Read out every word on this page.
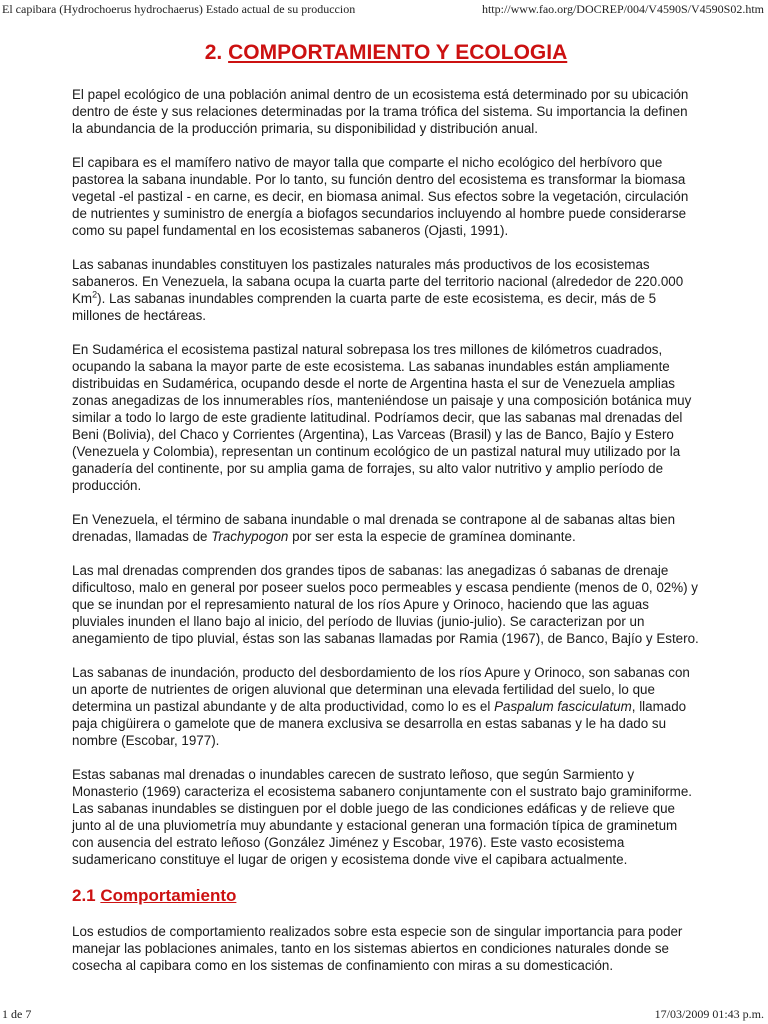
El capibara (Hydrochoerus hydrochaerus) Estado actual de su produccion	http://www.fao.org/DOCREP/004/V4590S/V4590S02.htm
2. COMPORTAMIENTO Y ECOLOGIA

El papel ecológico de una población animal dentro de un ecosistema está determinado por su ubicación dentro de éste y sus relaciones determinadas por la trama trófica del sistema. Su importancia la definen la abundancia de la producción primaria, su disponibilidad y distribución anual.

El capibara es el mamífero nativo de mayor talla que comparte el nicho ecológico del herbívoro que pastorea la sabana inundable. Por lo tanto, su función dentro del ecosistema es transformar la biomasa vegetal -el pastizal - en carne, es decir, en biomasa animal. Sus efectos sobre la vegetación, circulación de nutrientes y suministro de energía a biofagos secundarios incluyendo al hombre puede considerarse como su papel fundamental en los ecosistemas sabaneros (Ojasti, 1991).

Las sabanas inundables constituyen los pastizales naturales más productivos de los ecosistemas sabaneros. En Venezuela, la sabana ocupa la cuarta parte del territorio nacional (alrededor de 220.000 Km$^2$). Las sabanas inundables comprenden la cuarta parte de este ecosistema, es decir, más de 5 millones de hectáreas.

En Sudamérica el ecosistema pastizal natural sobrepasa los tres millones de kilómetros cuadrados, ocupando la sabana la mayor parte de este ecosistema. Las sabanas inundables están ampliamente distribuidas en Sudamérica, ocupando desde el norte de Argentina hasta el sur de Venezuela amplias zonas anegadizas de los innumerables ríos, manteniéndose un paisaje y una composición botánica muy similar a todo lo largo de este gradiente latitudinal. Podríamos decir, que las sabanas mal drenadas del Beni (Bolivia), del Chaco y Corrientes (Argentina), Las Varceas (Brasil) y las de Banco, Bajío y Estero (Venezuela y Colombia), representan un continum ecológico de un pastizal natural muy utilizado por la ganadería del continente, por su amplia gama de forrajes, su alto valor nutritivo y amplio período de producción.

En Venezuela, el término de sabana inundable o mal drenada se contrapone al de sabanas altas bien drenadas, llamadas de Trachypogon por ser esta la especie de gramínea dominante.

Las mal drenadas comprenden dos grandes tipos de sabanas: las anegadizas ó sabanas de drenaje dificultoso, malo en general por poseer suelos poco permeables y escasa pendiente (menos de 0, 02%) y que se inundan por el represamiento natural de los ríos Apure y Orinoco, haciendo que las aguas pluviales inunden el llano bajo al inicio, del período de lluvias (junio-julio). Se caracterizan por un anegamiento de tipo pluvial, éstas son las sabanas llamadas por Ramia (1967), de Banco, Bajío y Estero.

Las sabanas de inundación, producto del desbordamiento de los ríos Apure y Orinoco, son sabanas con un aporte de nutrientes de origen aluvional que determinan una elevada fertilidad del suelo, lo que determina un pastizal abundante y de alta productividad, como lo es el Paspalum fasciculatum, llamado paja chigüirera o gamelote que de manera exclusiva se desarrolla en estas sabanas y le ha dado su nombre (Escobar, 1977).

Estas sabanas mal drenadas o inundables carecen de sustrato leñoso, que según Sarmiento y Monasterio (1969) caracteriza el ecosistema sabanero conjuntamente con el sustrato bajo graminiforme. Las sabanas inundables se distinguen por el doble juego de las condiciones edáficas y de relieve que junto al de una pluviometría muy abundante y estacional generan una formación típica de graminetum con ausencia del estrato leñoso (González Jiménez y Escobar, 1976). Este vasto ecosistema sudamericano constituye el lugar de origen y ecosistema donde vive el capibara actualmente.

2.1 Comportamiento

Los estudios de comportamiento realizados sobre esta especie son de singular importancia para poder manejar las poblaciones animales, tanto en los sistemas abiertos en condiciones naturales donde se cosecha al capibara como en los sistemas de confinamiento con miras a su domesticación.

1 de 7	17/03/2009 01:43 p.m.
